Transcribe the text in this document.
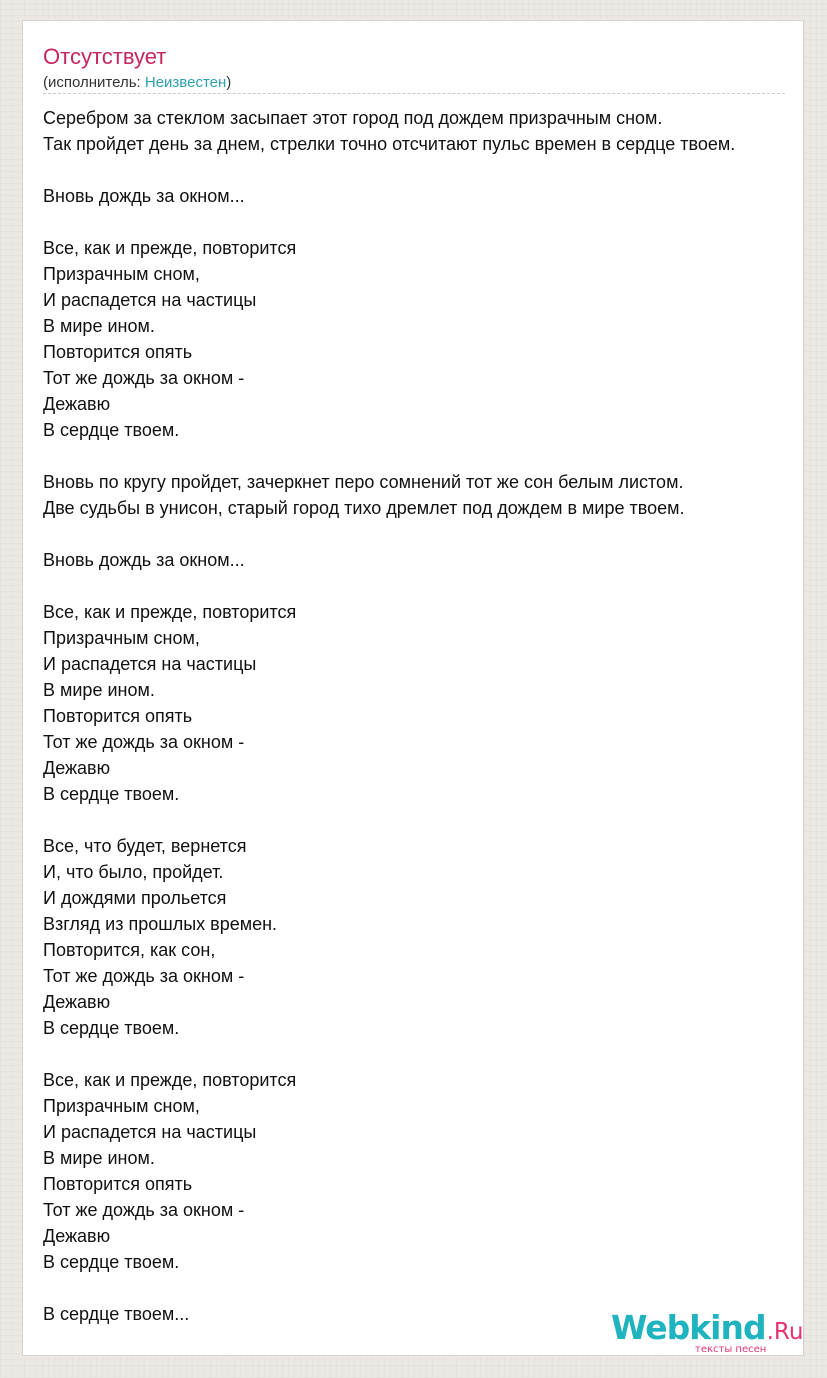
Отсутствует
(исполнитель: Неизвестен)
Серебром за стеклом засыпает этот город под дождем призрачным сном.
Так пройдет день за днем, стрелки точно отсчитают пульс времен в сердце твоем.
Вновь дождь за окном...
Все, как и прежде, повторится
Призрачным сном,
И распадется на частицы
В мире ином.
Повторится опять
Тот же дождь за окном -
Дежавю
В сердце твоем.
Вновь по кругу пройдет, зачеркнет перо сомнений тот же сон белым листом.
Две судьбы в унисон, старый город тихо дремлет под дождем в мире твоем.
Вновь дождь за окном...
Все, как и прежде, повторится
Призрачным сном,
И распадется на частицы
В мире ином.
Повторится опять
Тот же дождь за окном -
Дежавю
В сердце твоем.
Все, что будет, вернется
И, что было, пройдет.
И дождями прольется
Взгляд из прошлых времен.
Повторится, как сон,
Тот же дождь за окном -
Дежавю
В сердце твоем.
Все, как и прежде, повторится
Призрачным сном,
И распадется на частицы
В мире ином.
Повторится опять
Тот же дождь за окном -
Дежавю
В сердце твоем.
В сердце твоем...	Webkind.Ru
тексты песен
